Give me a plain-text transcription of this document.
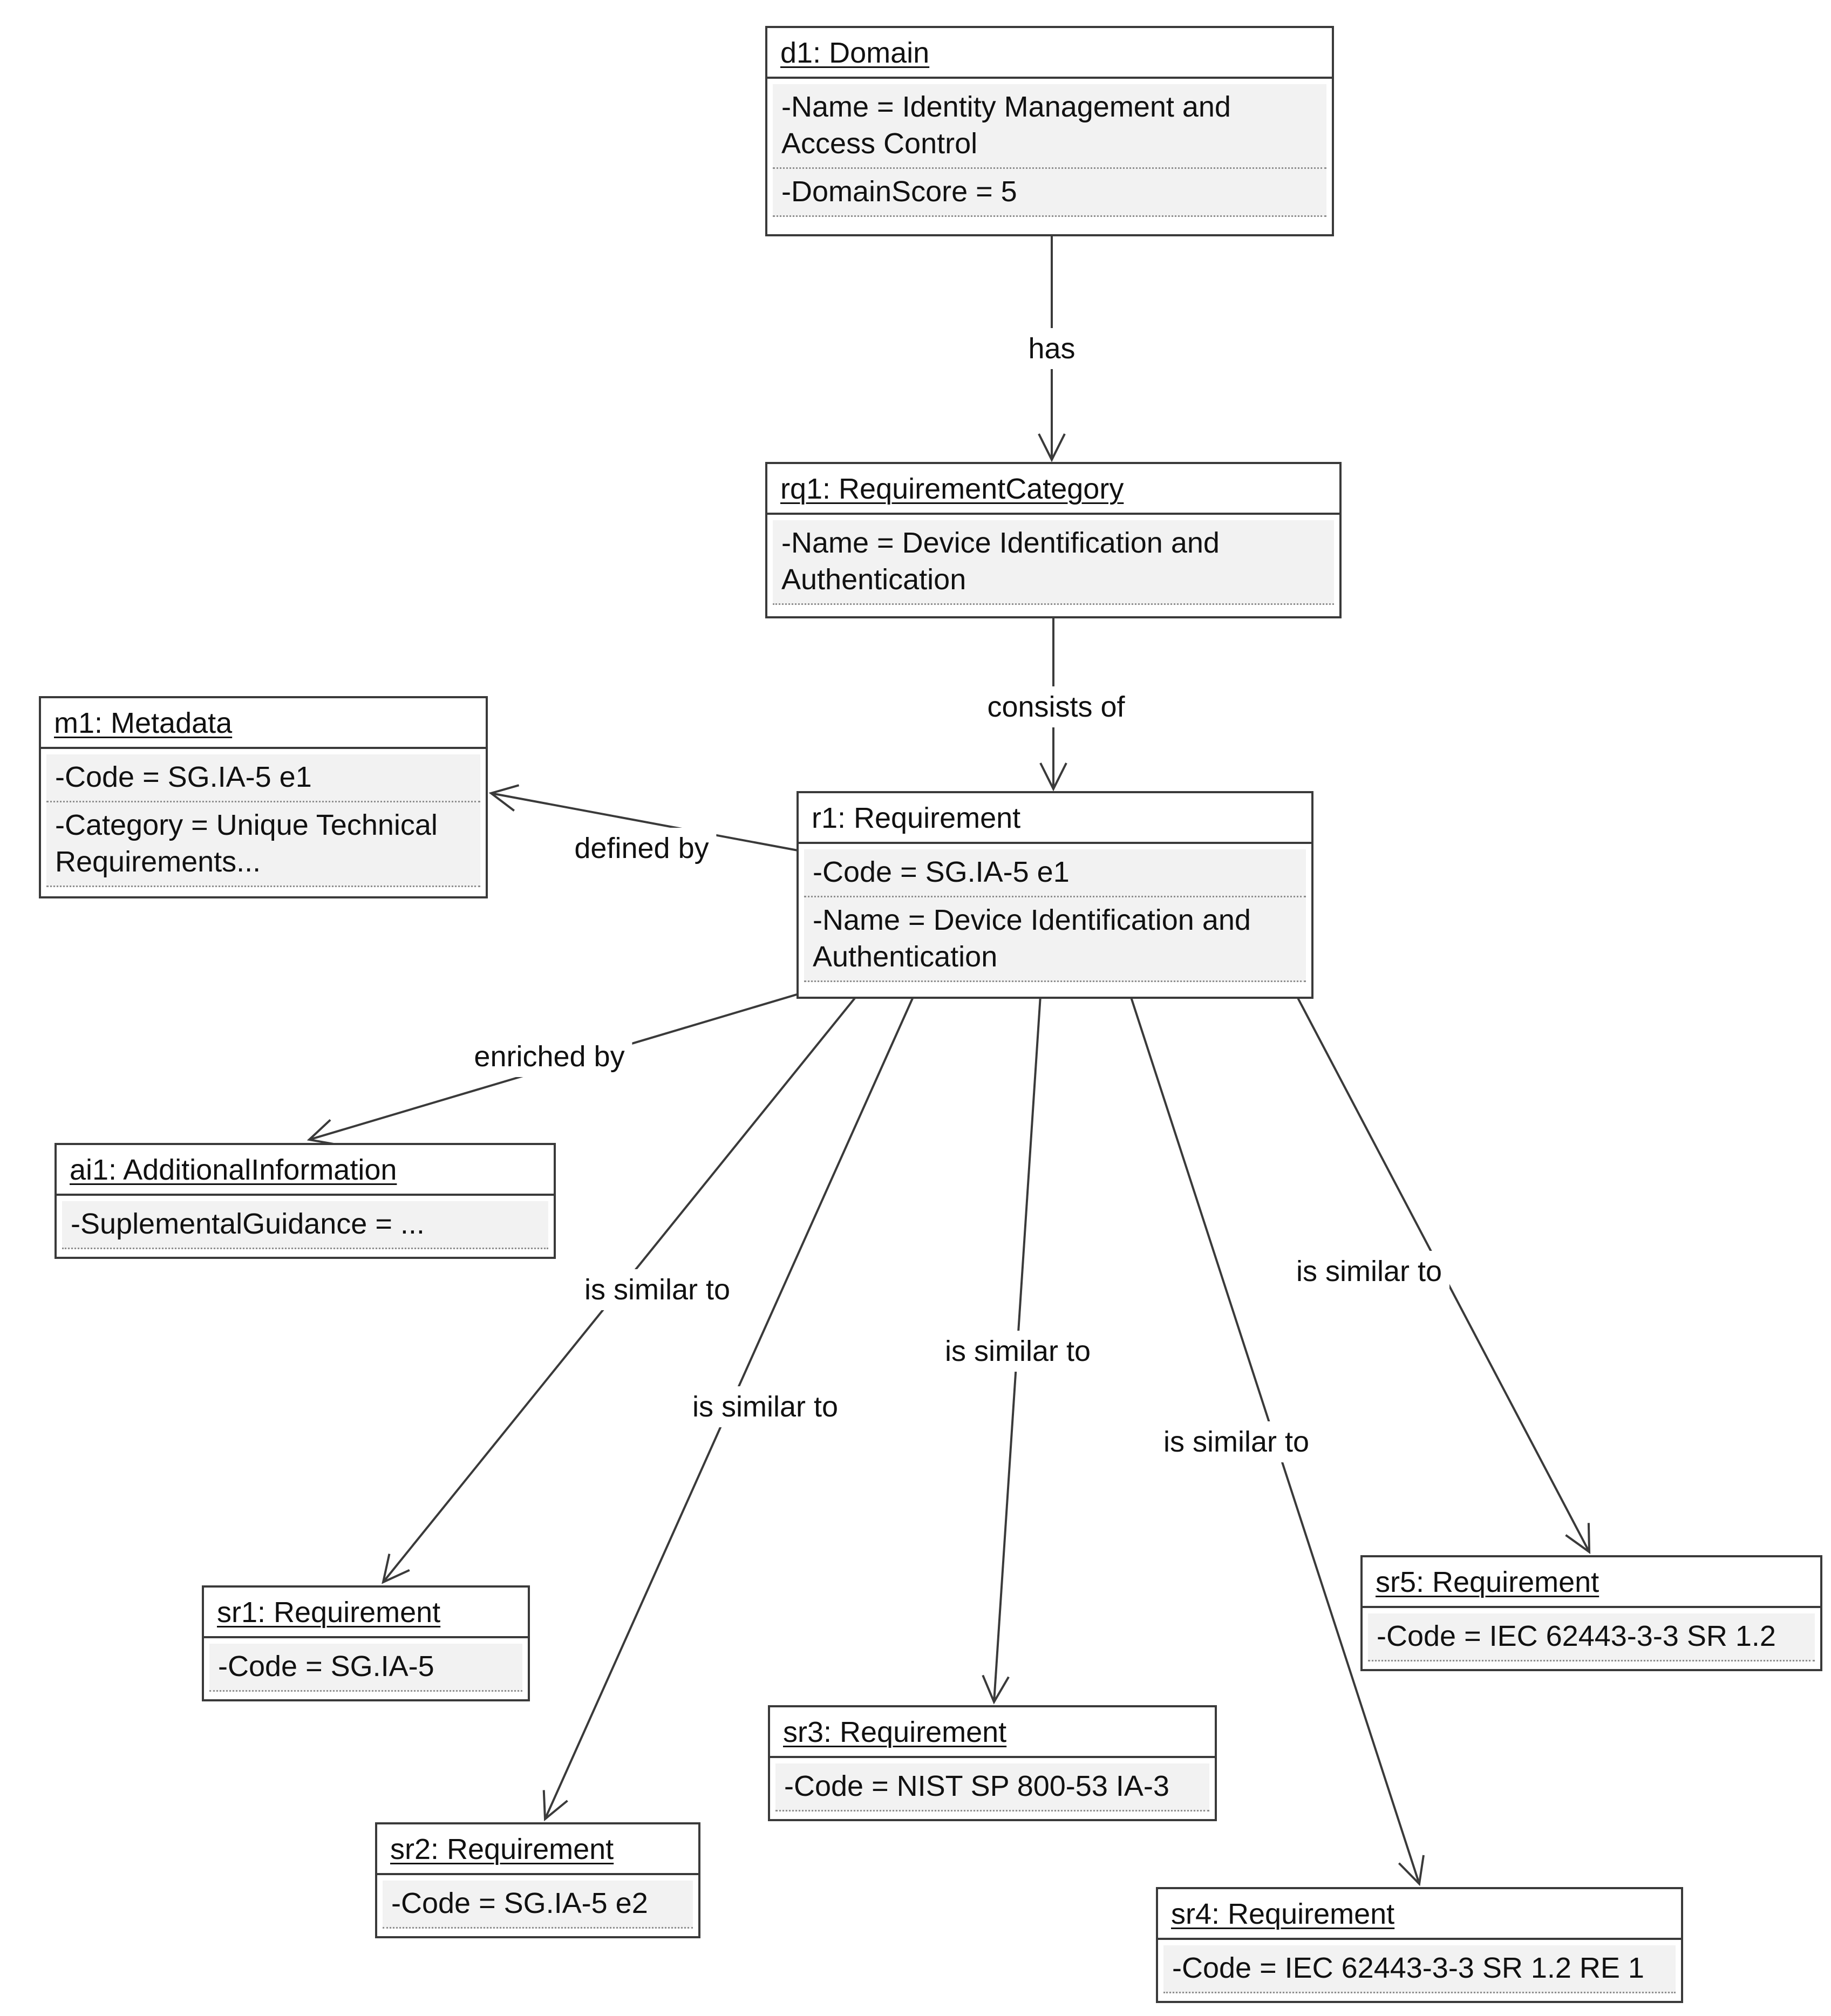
d1: Domain
-Name = Identity Management and Access Control
-DomainScore = 5
rq1: RequirementCategory
-Name = Device Identification and Authentication
m1: Metadata
-Code = SG.IA-5 e1
-Category = Unique Technical Requirements...
r1: Requirement
-Code = SG.IA-5 e1
-Name = Device Identification and Authentication
ai1: AdditionalInformation
-SuplementalGuidance = ...
sr1: Requirement
-Code = SG.IA-5
sr2: Requirement
-Code = SG.IA-5 e2
sr3: Requirement
-Code = NIST SP 800-53 IA-3
sr4: Requirement
-Code = IEC 62443-3-3 SR 1.2 RE 1
sr5: Requirement
-Code = IEC 62443-3-3 SR 1.2
has
consists of
defined by
enriched by
is similar to
is similar to
is similar to
is similar to
is similar to
